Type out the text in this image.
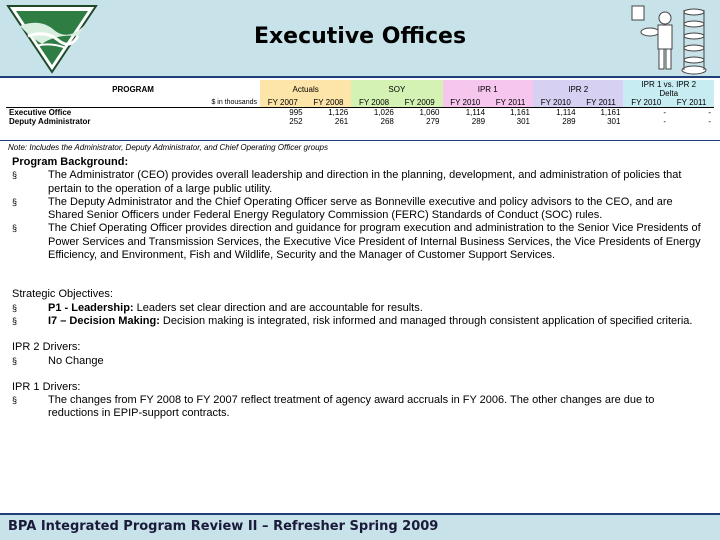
Executive Offices
PROGRAM	Actuals		SOY		IPR 1		IPR 2		IPR 1 vs. IPR 2
Delta	

$ in thousands	FY 2007	FY 2008	FY 2008	FY 2009	FY 2010	FY 2011	FY 2010	FY 2011	FY 2010	FY 2011
Executive Office	995	1,126	1,026	1,060	1,114	1,161	1,114	1,161	-	-
Deputy Administrator	252	261	268	279	289	301	289	301	-	-
Note: Includes the Administrator, Deputy Administrator, and Chief Operating Officer groups

Program Background:

§	The Administrator (CEO) provides overall leadership and direction in the planning, development, and administration of policies that pertain to the operation of a large public utility.

§	The Deputy Administrator and the Chief Operating Officer serve as Bonneville executive and policy advisors to the CEO, and are Shared Senior Officers under Federal Energy Regulatory Commission (FERC) Standards of Conduct (SOC) rules.

§	The Chief Operating Officer provides direction and guidance for program execution and administration to the Senior Vice Presidents of Power Services and Transmission Services, the Executive Vice President of Internal Business Services, the Vice Presidents of Energy Efficiency, and Environment, Fish and Wildlife, Security and the Manager of Customer Support Services.

Strategic Objectives:

§	P1 - Leadership: Leaders set clear direction and are accountable for results.

§	I7 – Decision Making: Decision making is integrated, risk informed and managed through consistent application of specified criteria.

IPR 2 Drivers:

§	No Change

IPR 1 Drivers:

§	The changes from FY 2008 to FY 2007 reflect treatment of agency award accruals in FY 2006. The other changes are due to reductions in EPIP-support contracts.

BPA Integrated Program Review II – Refresher Spring 2009
